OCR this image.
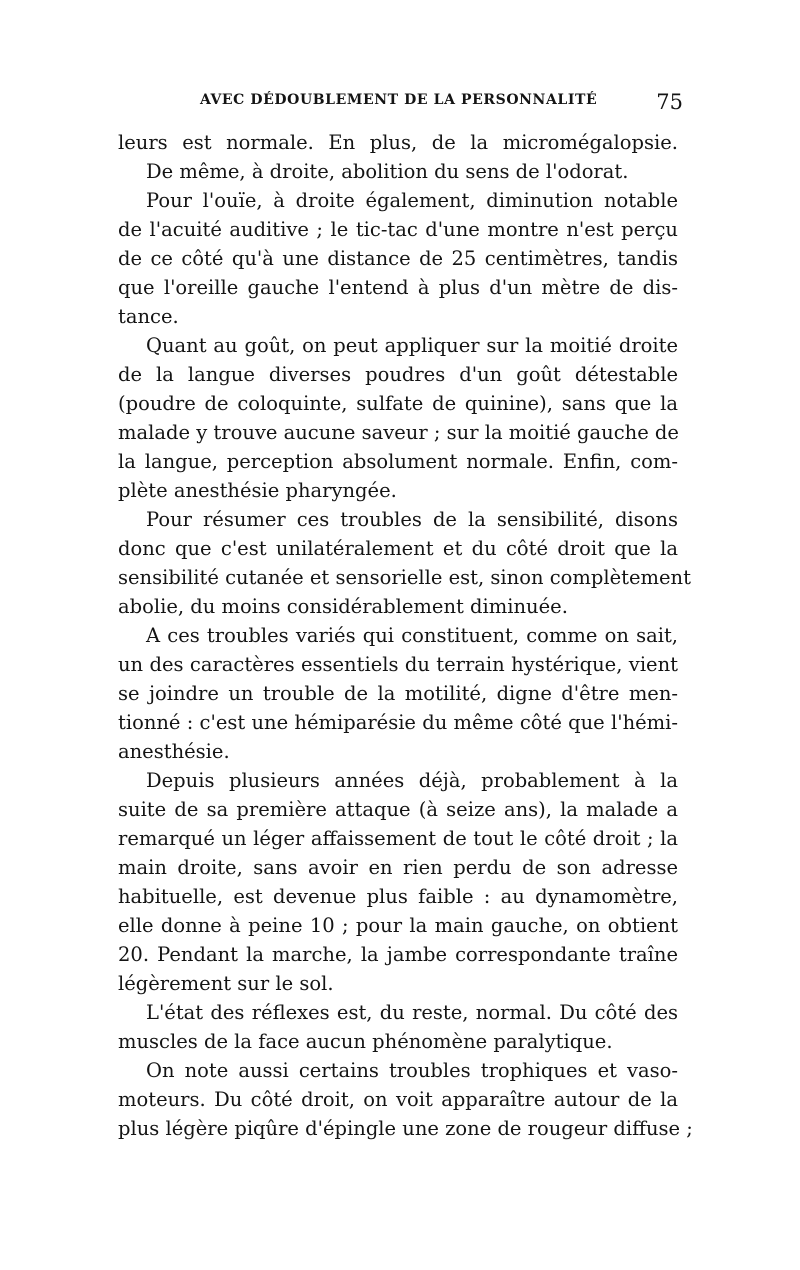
AVEC DÉDOUBLEMENT DE LA PERSONNALITÉ	75
leurs est normale. En plus, de la micromégalopsie.
De même, à droite, abolition du sens de l'odorat.
Pour l'ouïe, à droite également, diminution notable
de l'acuité auditive ; le tic-tac d'une montre n'est perçu
de ce côté qu'à une distance de 25 centimètres, tandis
que l'oreille gauche l'entend à plus d'un mètre de dis-
tance.
Quant au goût, on peut appliquer sur la moitié droite
de la langue diverses poudres d'un goût détestable
(poudre de coloquinte, sulfate de quinine), sans que la
malade y trouve aucune saveur ; sur la moitié gauche de
la langue, perception absolument normale. Enfin, com-
plète anesthésie pharyngée.
Pour résumer ces troubles de la sensibilité, disons
donc que c'est unilatéralement et du côté droit que la
sensibilité cutanée et sensorielle est, sinon complètement
abolie, du moins considérablement diminuée.
A ces troubles variés qui constituent, comme on sait,
un des caractères essentiels du terrain hystérique, vient
se joindre un trouble de la motilité, digne d'être men-
tionné : c'est une hémiparésie du même côté que l'hémi-
anesthésie.
Depuis plusieurs années déjà, probablement à la
suite de sa première attaque (à seize ans), la malade a
remarqué un léger affaissement de tout le côté droit ; la
main droite, sans avoir en rien perdu de son adresse
habituelle, est devenue plus faible : au dynamomètre,
elle donne à peine 10 ; pour la main gauche, on obtient
20. Pendant la marche, la jambe correspondante traîne
légèrement sur le sol.
L'état des réflexes est, du reste, normal. Du côté des
muscles de la face aucun phénomène paralytique.
On note aussi certains troubles trophiques et vaso-
moteurs. Du côté droit, on voit apparaître autour de la
plus légère piqûre d'épingle une zone de rougeur diffuse ;
